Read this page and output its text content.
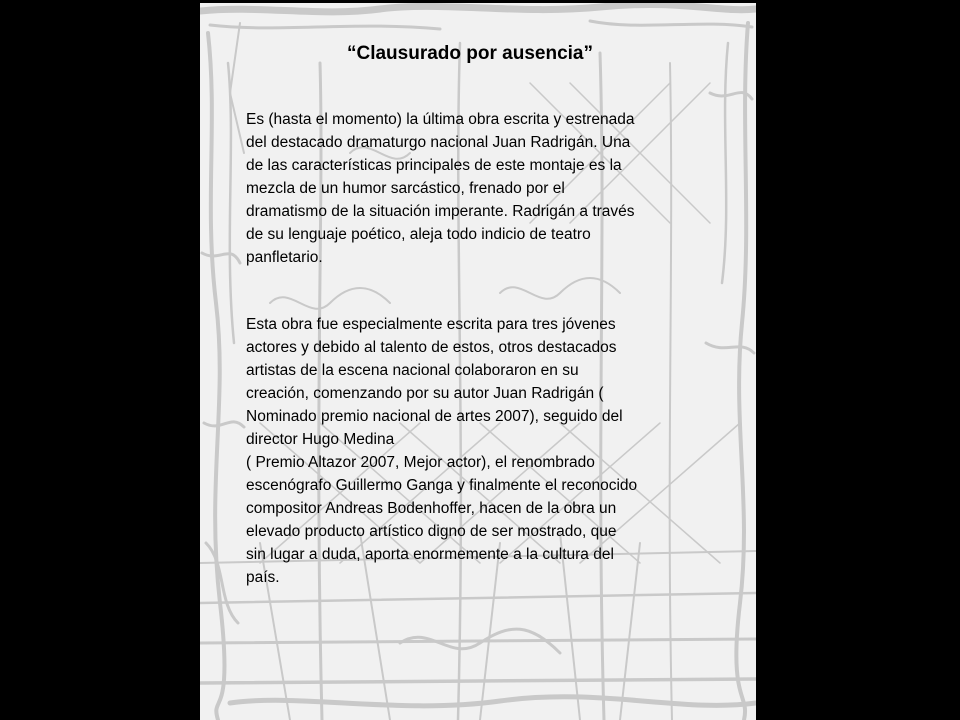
“Clausurado por ausencia”

Es (hasta el momento) la última obra escrita y estrenada
del destacado dramaturgo nacional Juan Radrigán. Una
de las características principales de este montaje es la
mezcla de un humor sarcástico, frenado por el
dramatismo de la situación imperante. Radrigán a través
de su lenguaje poético, aleja todo indicio de teatro
panfletario.

Esta obra fue especialmente escrita para tres jóvenes
actores y debido al talento de estos, otros destacados
artistas de la escena nacional colaboraron en su
creación, comenzando por su autor Juan Radrigán (
Nominado premio nacional de artes 2007), seguido del
director Hugo Medina
( Premio Altazor 2007, Mejor actor), el renombrado
escenógrafo Guillermo Ganga y finalmente el reconocido
compositor Andreas Bodenhoffer, hacen de la obra un
elevado producto artístico digno de ser mostrado, que
sin lugar a duda, aporta enormemente a la cultura del
país.
